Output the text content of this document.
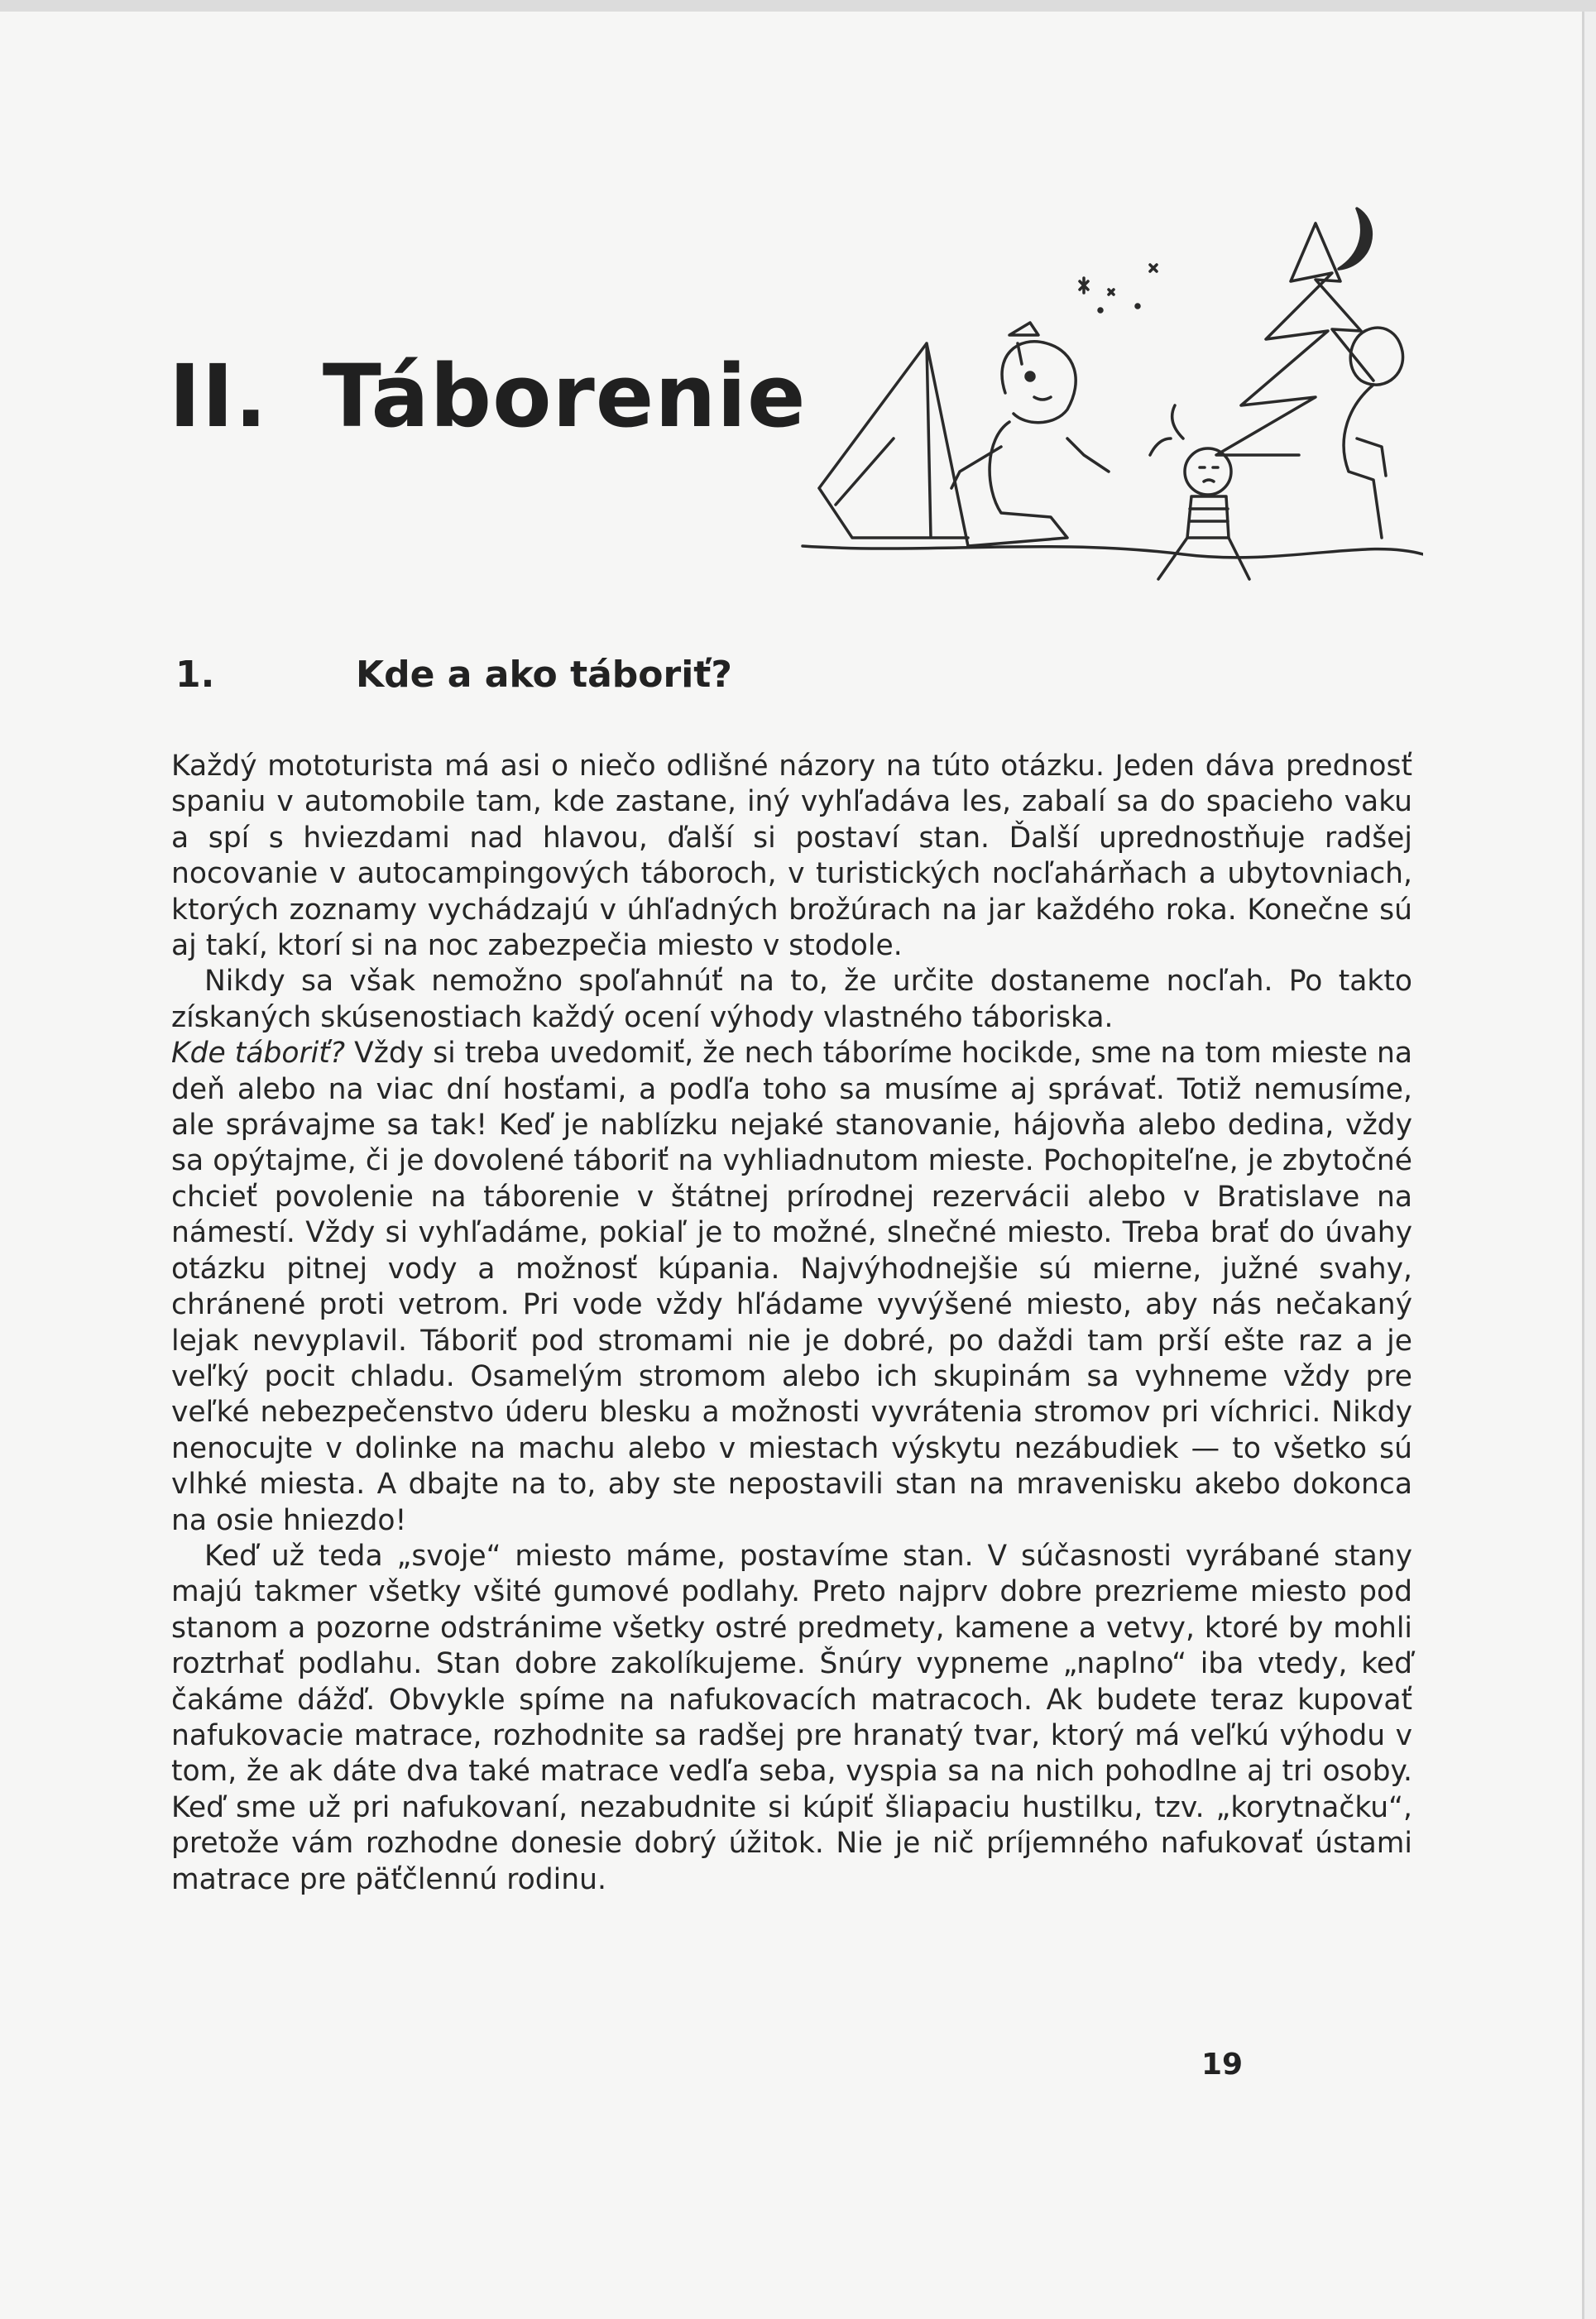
II. Táborenie
1.	Kde a ako táboriť?

Každý mototurista má asi o niečo odlišné názory na túto otázku. Jeden dáva prednosť spaniu v automobile tam, kde zastane, iný vyhľadáva les, zabalí sa do spacieho vaku a spí s hviezdami nad hlavou, ďalší si postaví stan. Ďalší uprednostňuje radšej nocovanie v autocampingových táboroch, v turistických nocľahárňach a ubytovniach, ktorých zoznamy vychádzajú v úhľadných brožúrach na jar každého roka. Konečne sú aj takí, ktorí si na noc zabezpečia miesto v stodole.

Nikdy sa však nemožno spoľahnúť na to, že určite dostaneme nocľah. Po takto získaných skúsenostiach každý ocení výhody vlastného táboriska.

Kde táboriť? Vždy si treba uvedomiť, že nech táboríme hocikde, sme na tom mieste na deň alebo na viac dní hosťami, a podľa toho sa musíme aj správať. Totiž nemusíme, ale správajme sa tak! Keď je nablízku nejaké stanovanie, hájovňa alebo dedina, vždy sa opýtajme, či je dovolené táboriť na vyhliadnutom mieste. Pochopiteľne, je zbytočné chcieť povolenie na táborenie v štátnej prírodnej rezervácii alebo v Bratislave na námestí. Vždy si vyhľadáme, pokiaľ je to možné, slnečné miesto. Treba brať do úvahy otázku pitnej vody a možnosť kúpania. Najvýhodnejšie sú mierne, južné svahy, chránené proti vetrom. Pri vode vždy hľádame vyvýšené miesto, aby nás nečakaný lejak nevyplavil. Táboriť pod stromami nie je dobré, po daždi tam prší ešte raz a je veľký pocit chladu. Osamelým stromom alebo ich skupinám sa vyhneme vždy pre veľké nebezpečenstvo úderu blesku a možnosti vyvrátenia stromov pri víchrici. Nikdy nenocujte v dolinke na machu alebo v miestach výskytu nezábudiek — to všetko sú vlhké miesta. A dbajte na to, aby ste nepostavili stan na mravenisku akebo dokonca na osie hniezdo!

Keď už teda „svoje“ miesto máme, postavíme stan. V súčasnosti vyrábané stany majú takmer všetky všité gumové podlahy. Preto najprv dobre prezrieme miesto pod stanom a pozorne odstránime všetky ostré predmety, kamene a vetvy, ktoré by mohli roztrhať podlahu. Stan dobre zakolíkujeme. Šnúry vypneme „naplno“ iba vtedy, keď čakáme dážď. Obvykle spíme na nafukovacích matracoch. Ak budete teraz kupovať nafukovacie matrace, rozhodnite sa radšej pre hranatý tvar, ktorý má veľkú výhodu v tom, že ak dáte dva také matrace vedľa seba, vyspia sa na nich pohodlne aj tri osoby. Keď sme už pri nafukovaní, nezabudnite si kúpiť šliapaciu hustilku, tzv. „korytnačku“, pretože vám rozhodne donesie dobrý úžitok. Nie je nič príjemného nafukovať ústami matrace pre päťčlennú rodinu.

19
